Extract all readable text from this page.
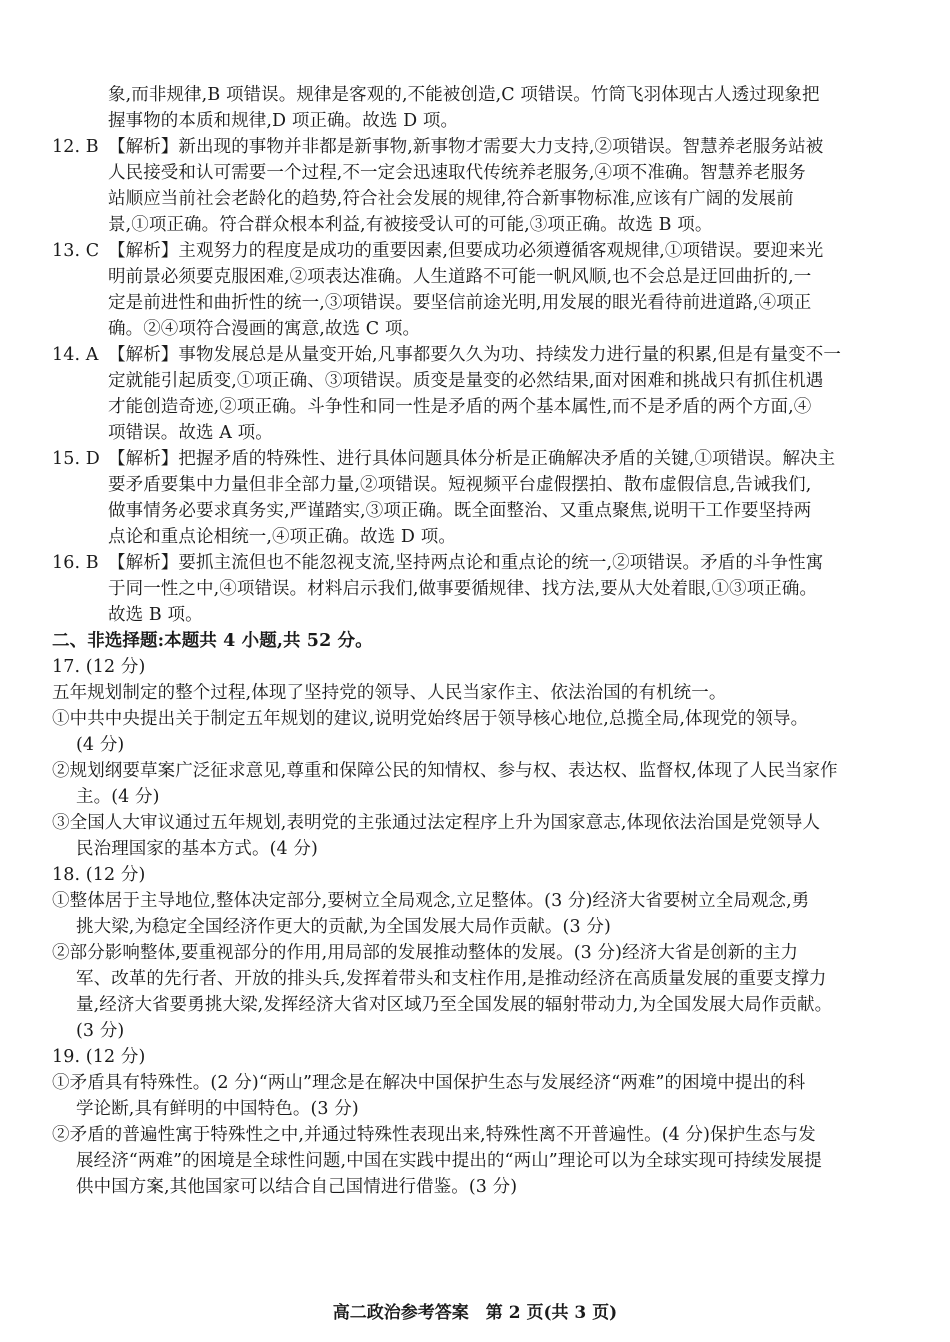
象,而非规律,B 项错误。规律是客观的,不能被创造,C 项错误。竹筒飞羽体现古人透过现象把
握事物的本质和规律,D 项正确。故选 D 项。
12. B 【解析】新出现的事物并非都是新事物,新事物才需要大力支持,②项错误。智慧养老服务站被
人民接受和认可需要一个过程,不一定会迅速取代传统养老服务,④项不准确。智慧养老服务
站顺应当前社会老龄化的趋势,符合社会发展的规律,符合新事物标准,应该有广阔的发展前
景,①项正确。符合群众根本利益,有被接受认可的可能,③项正确。故选 B 项。
13. C 【解析】主观努力的程度是成功的重要因素,但要成功必须遵循客观规律,①项错误。要迎来光
明前景必须要克服困难,②项表达准确。人生道路不可能一帆风顺,也不会总是迂回曲折的,一
定是前进性和曲折性的统一,③项错误。要坚信前途光明,用发展的眼光看待前进道路,④项正
确。②④项符合漫画的寓意,故选 C 项。
14. A 【解析】事物发展总是从量变开始,凡事都要久久为功、持续发力进行量的积累,但是有量变不一
定就能引起质变,①项正确、③项错误。质变是量变的必然结果,面对困难和挑战只有抓住机遇
才能创造奇迹,②项正确。斗争性和同一性是矛盾的两个基本属性,而不是矛盾的两个方面,④
项错误。故选 A 项。
15. D 【解析】把握矛盾的特殊性、进行具体问题具体分析是正确解决矛盾的关键,①项错误。解决主
要矛盾要集中力量但非全部力量,②项错误。短视频平台虚假摆拍、散布虚假信息,告诫我们,
做事情务必要求真务实,严谨踏实,③项正确。既全面整治、又重点聚焦,说明干工作要坚持两
点论和重点论相统一,④项正确。故选 D 项。
16. B 【解析】要抓主流但也不能忽视支流,坚持两点论和重点论的统一,②项错误。矛盾的斗争性寓
于同一性之中,④项错误。材料启示我们,做事要循规律、找方法,要从大处着眼,①③项正确。
故选 B 项。
二、非选择题:本题共 4 小题,共 52 分。
17. (12 分)
五年规划制定的整个过程,体现了坚持党的领导、人民当家作主、依法治国的有机统一。
①中共中央提出关于制定五年规划的建议,说明党始终居于领导核心地位,总揽全局,体现党的领导。
(4 分)
②规划纲要草案广泛征求意见,尊重和保障公民的知情权、参与权、表达权、监督权,体现了人民当家作
主。(4 分)
③全国人大审议通过五年规划,表明党的主张通过法定程序上升为国家意志,体现依法治国是党领导人
民治理国家的基本方式。(4 分)
18. (12 分)
①整体居于主导地位,整体决定部分,要树立全局观念,立足整体。(3 分)经济大省要树立全局观念,勇
挑大梁,为稳定全国经济作更大的贡献,为全国发展大局作贡献。(3 分)
②部分影响整体,要重视部分的作用,用局部的发展推动整体的发展。(3 分)经济大省是创新的主力
军、改革的先行者、开放的排头兵,发挥着带头和支柱作用,是推动经济在高质量发展的重要支撑力
量,经济大省要勇挑大梁,发挥经济大省对区域乃至全国发展的辐射带动力,为全国发展大局作贡献。
(3 分)
19. (12 分)
①矛盾具有特殊性。(2 分)“两山”理念是在解决中国保护生态与发展经济“两难”的困境中提出的科
学论断,具有鲜明的中国特色。(3 分)
②矛盾的普遍性寓于特殊性之中,并通过特殊性表现出来,特殊性离不开普遍性。(4 分)保护生态与发
展经济“两难”的困境是全球性问题,中国在实践中提出的“两山”理论可以为全球实现可持续发展提
供中国方案,其他国家可以结合自己国情进行借鉴。(3 分)
高二政治参考答案　第 2 页(共 3 页)
